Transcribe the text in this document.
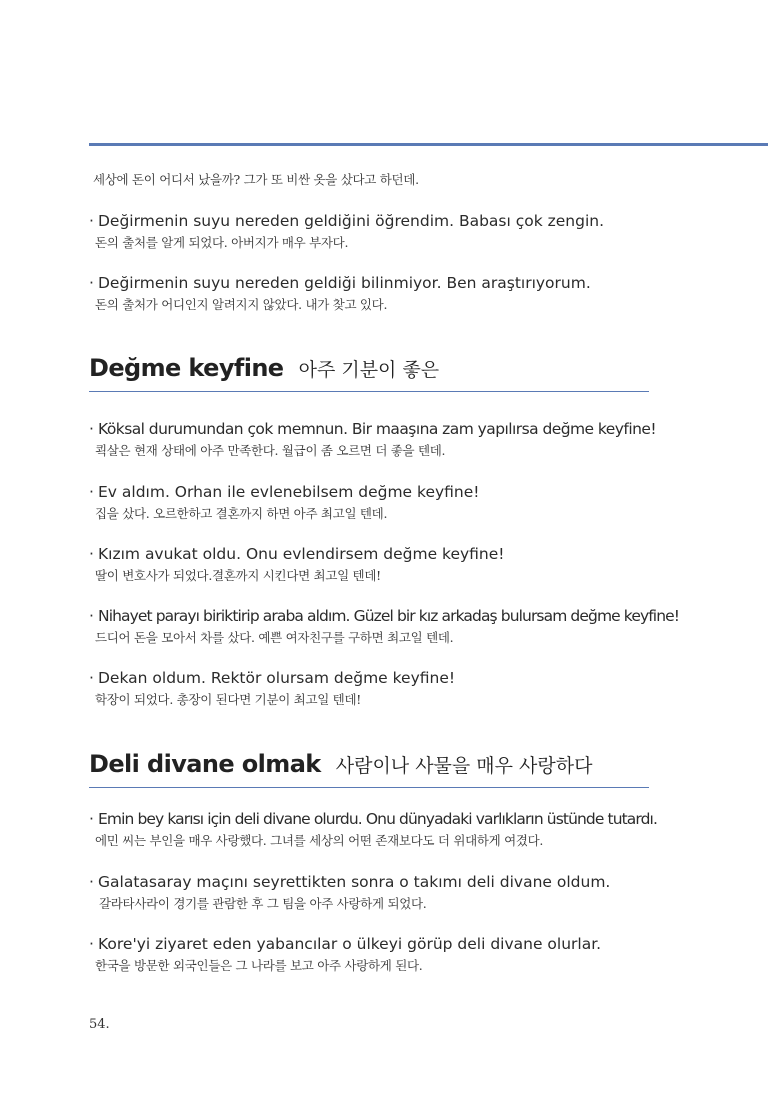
세상에 돈이 어디서 났을까? 그가 또 비싼 옷을 샀다고 하던데.
· Değirmenin suyu nereden geldiğini öğrendim. Babası çok zengin.
돈의 출처를 알게 되었다. 아버지가 매우 부자다.
· Değirmenin suyu nereden geldiği bilinmiyor. Ben araştırıyorum.
돈의 출처가 어디인지 알려지지 않았다. 내가 찾고 있다.
Değme keyfine 아주 기분이 좋은
· Köksal durumundan çok memnun. Bir maaşına zam yapılırsa değme keyfine!
쾩살은 현재 상태에 아주 만족한다. 월급이 좀 오르면 더 좋을 텐데.
· Ev aldım. Orhan ile evlenebilsem değme keyfine!
집을 샀다. 오르한하고 결혼까지 하면 아주 최고일 텐데.
· Kızım avukat oldu. Onu evlendirsem değme keyfine!
딸이 변호사가 되었다.결혼까지 시킨다면 최고일 텐데!
· Nihayet parayı biriktirip araba aldım. Güzel bir kız arkadaş bulursam değme keyfine!
드디어 돈을 모아서 차를 샀다. 예쁜 여자친구를 구하면 최고일 텐데.
· Dekan oldum. Rektör olursam değme keyfine!
학장이 되었다. 총장이 된다면 기분이 최고일 텐데!
Deli divane olmak 사람이나 사물을 매우 사랑하다
· Emin bey karısı için deli divane olurdu. Onu dünyadaki varlıkların üstünde tutardı.
에민 씨는 부인을 매우 사랑했다. 그녀를 세상의 어떤 존재보다도 더 위대하게 여겼다.
· Galatasaray maçını seyrettikten sonra o takımı deli divane oldum.
갈라타사라이 경기를 관람한 후 그 팀을 아주 사랑하게 되었다.
· Kore'yi ziyaret eden yabancılar o ülkeyi görüp deli divane olurlar.
한국을 방문한 외국인들은 그 나라를 보고 아주 사랑하게 된다.
54.
